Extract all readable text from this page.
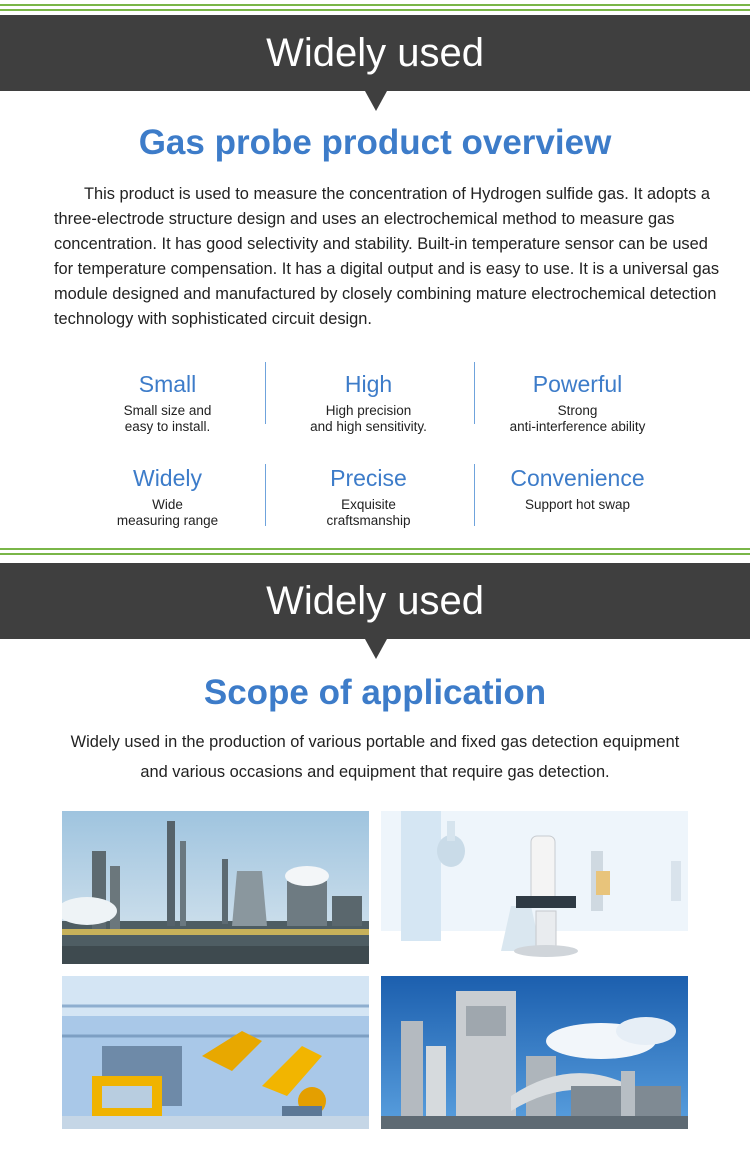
Widely used
Gas probe product overview

This product is used to measure the concentration of Hydrogen sulfide gas. It adopts a three-electrode structure design and uses an electrochemical method to measure gas concentration. It has good selectivity and stability. Built-in temperature sensor can be used for temperature compensation. It has a digital output and is easy to use. It is a universal gas module designed and manufactured by closely combining mature electrochemical detection technology with sophisticated circuit design.

Small
Small size and
easy to install.
High
High precision
and high sensitivity.
Powerful
Strong
anti-interference ability
Widely
Wide
measuring range
Precise
Exquisite
craftsmanship
Convenience
Support hot swap
Widely used
Scope of application
Widely used in the production of various portable and fixed gas detection equipment
and various occasions and equipment that require gas detection.
